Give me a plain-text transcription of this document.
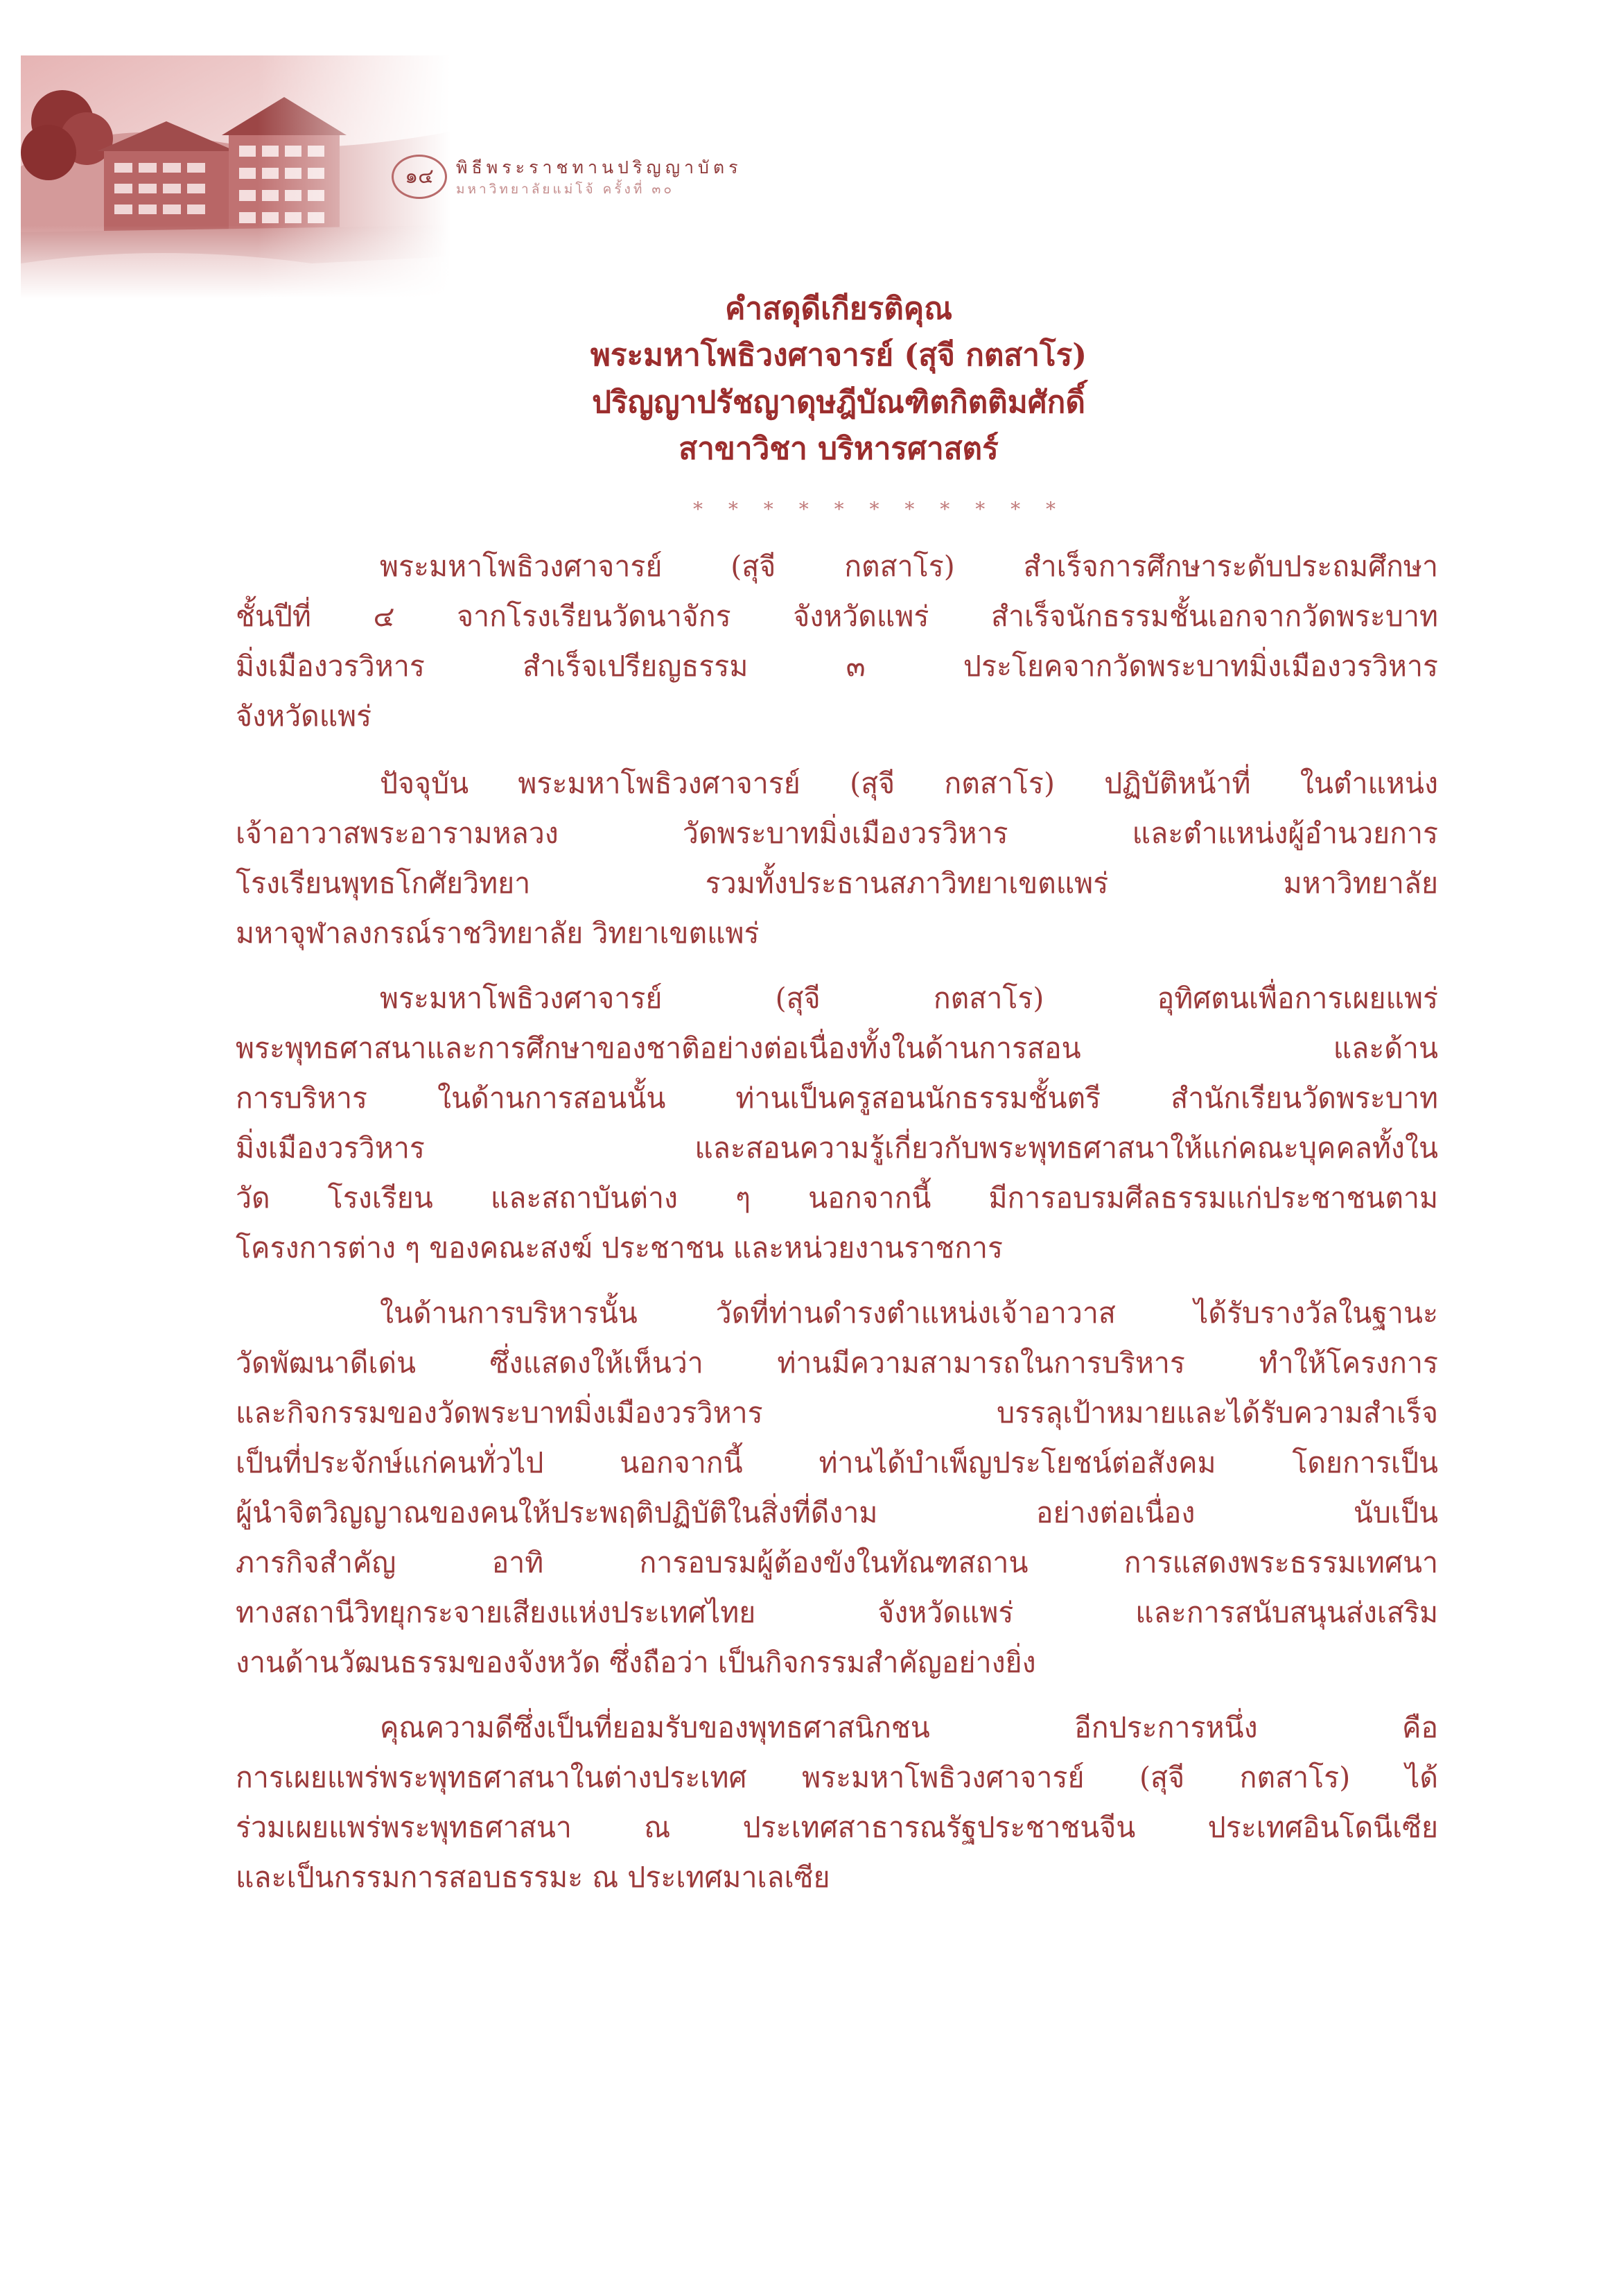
๑๔	พิธีพระราชทานปริญญาบัตร
มหาวิทยาลัยแม่โจ้ ครั้งที่ ๓๐
คำสดุดีเกียรติคุณ
พระมหาโพธิวงศาจารย์ (สุจี กตสาโร)
ปริญญาปรัชญาดุษฎีบัณฑิตกิตติมศักดิ์
สาขาวิชา บริหารศาสตร์
* * * * * * * * * * *
พระมหาโพธิวงศาจารย์ (สุจี กตสาโร) สำเร็จการศึกษาระดับประถมศึกษา
ชั้นปีที่ ๔ จากโรงเรียนวัดนาจักร จังหวัดแพร่ สำเร็จนักธรรมชั้นเอกจากวัดพระบาท
มิ่งเมืองวรวิหาร สำเร็จเปรียญธรรม ๓ ประโยคจากวัดพระบาทมิ่งเมืองวรวิหาร
จังหวัดแพร่
ปัจจุบัน พระมหาโพธิวงศาจารย์ (สุจี กตสาโร) ปฏิบัติหน้าที่ ในตำแหน่ง
เจ้าอาวาสพระอารามหลวง วัดพระบาทมิ่งเมืองวรวิหาร และตำแหน่งผู้อำนวยการ
โรงเรียนพุทธโกศัยวิทยา รวมทั้งประธานสภาวิทยาเขตแพร่ มหาวิทยาลัย
มหาจุฬาลงกรณ์ราชวิทยาลัย วิทยาเขตแพร่
พระมหาโพธิวงศาจารย์ (สุจี กตสาโร) อุทิศตนเพื่อการเผยแพร่
พระพุทธศาสนาและการศึกษาของชาติอย่างต่อเนื่องทั้งในด้านการสอน และด้าน
การบริหาร ในด้านการสอนนั้น ท่านเป็นครูสอนนักธรรมชั้นตรี สำนักเรียนวัดพระบาท
มิ่งเมืองวรวิหาร และสอนความรู้เกี่ยวกับพระพุทธศาสนาให้แก่คณะบุคคลทั้งใน
วัด โรงเรียน และสถาบันต่าง ๆ นอกจากนี้ มีการอบรมศีลธรรมแก่ประชาชนตาม
โครงการต่าง ๆ ของคณะสงฆ์ ประชาชน และหน่วยงานราชการ
ในด้านการบริหารนั้น วัดที่ท่านดำรงตำแหน่งเจ้าอาวาส ได้รับรางวัลในฐานะ
วัดพัฒนาดีเด่น ซึ่งแสดงให้เห็นว่า ท่านมีความสามารถในการบริหาร ทำให้โครงการ
และกิจกรรมของวัดพระบาทมิ่งเมืองวรวิหาร บรรลุเป้าหมายและได้รับความสำเร็จ
เป็นที่ประจักษ์แก่คนทั่วไป นอกจากนี้ ท่านได้บำเพ็ญประโยชน์ต่อสังคม โดยการเป็น
ผู้นำจิตวิญญาณของคนให้ประพฤติปฏิบัติในสิ่งที่ดีงาม อย่างต่อเนื่อง นับเป็น
ภารกิจสำคัญ อาทิ การอบรมผู้ต้องขังในทัณฑสถาน การแสดงพระธรรมเทศนา
ทางสถานีวิทยุกระจายเสียงแห่งประเทศไทย จังหวัดแพร่ และการสนับสนุนส่งเสริม
งานด้านวัฒนธรรมของจังหวัด ซึ่งถือว่า เป็นกิจกรรมสำคัญอย่างยิ่ง
คุณความดีซึ่งเป็นที่ยอมรับของพุทธศาสนิกชน อีกประการหนึ่ง คือ
การเผยแพร่พระพุทธศาสนาในต่างประเทศ พระมหาโพธิวงศาจารย์ (สุจี กตสาโร) ได้
ร่วมเผยแพร่พระพุทธศาสนา ณ ประเทศสาธารณรัฐประชาชนจีน ประเทศอินโดนีเซีย
และเป็นกรรมการสอบธรรมะ ณ ประเทศมาเลเซีย
